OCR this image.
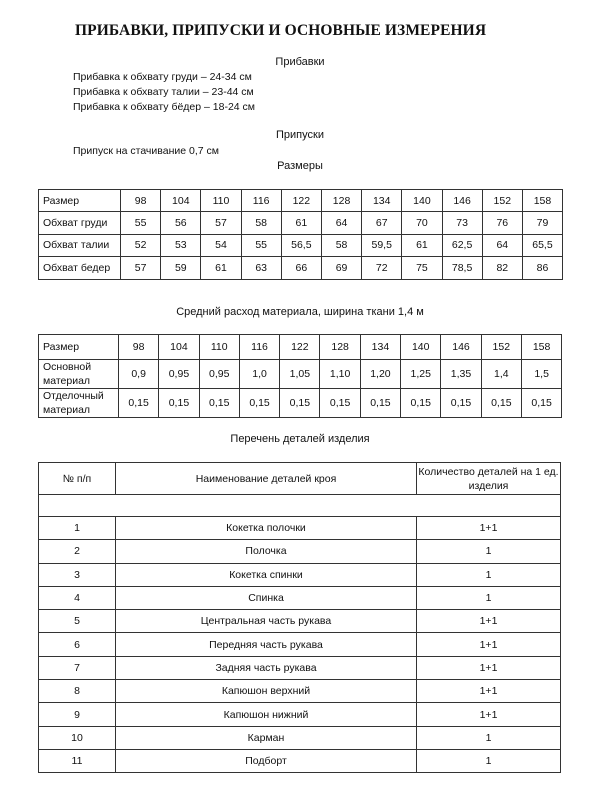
ПРИБАВКИ, ПРИПУСКИ И ОСНОВНЫЕ ИЗМЕРЕНИЯ
Прибавки
Прибавка к обхвату груди – 24-34 см
Прибавка к обхвату талии – 23-44 см
Прибавка к обхвату бёдер – 18-24 см
Припуски
Припуск на стачивание 0,7 см
Размеры
Размер	98	104	110	116	122	128	134	140	146	152	158
Обхват груди	55	56	57	58	61	64	67	70	73	76	79
Обхват талии	52	53	54	55	56,5	58	59,5	61	62,5	64	65,5
Обхват бедер	57	59	61	63	66	69	72	75	78,5	82	86
Средний расход материала, ширина ткани 1,4 м
Размер	98	104	110	116	122	128	134	140	146	152	158
Основной материал	0,9	0,95	0,95	1,0	1,05	1,10	1,20	1,25	1,35	1,4	1,5
Отделочный материал	0,15	0,15	0,15	0,15	0,15	0,15	0,15	0,15	0,15	0,15	0,15
Перечень деталей изделия
№ п/п	Наименование деталей кроя	Количество деталей на 1 ед. изделия

1	Кокетка полочки	1+1
2	Полочка	1
3	Кокетка спинки	1
4	Спинка	1
5	Центральная часть рукава	1+1
6	Передняя часть рукава	1+1
7	Задняя часть рукава	1+1
8	Капюшон верхний	1+1
9	Капюшон нижний	1+1
10	Карман	1
11	Подборт	1
